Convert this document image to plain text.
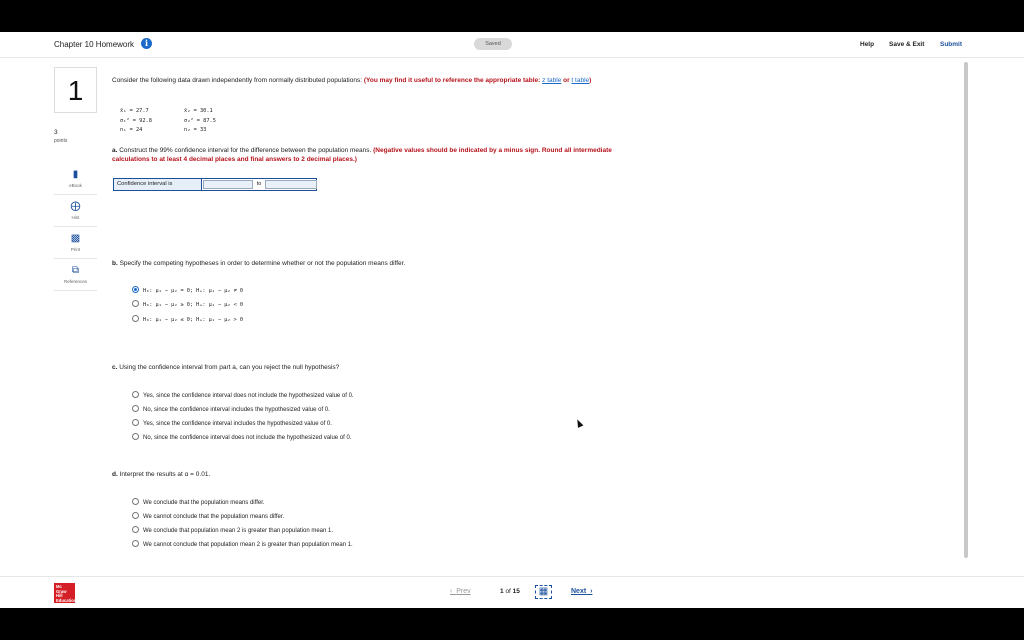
Chapter 10 Homework	i	Saved	Help Save & Exit Submit
1
3
points
▮
eBook
⨁
Hint
▩
Print
⧉
References
Consider the following data drawn independently from normally distributed populations: (You may find it useful to reference the appropriate table: z table or t table)
x̄₁ = 27.7
σ₁² = 92.8
n₁ = 24
x̄₂ = 30.1
σ₂² = 87.5
n₂ = 33
a. Construct the 99% confidence interval for the difference between the population means. (Negative values should be indicated by a minus sign. Round all intermediate calculations to at least 4 decimal places and final answers to 2 decimal places.)
Confidence interval is	to
b. Specify the competing hypotheses in order to determine whether or not the population means differ.
H₀: μ₁ − μ₂ = 0; Hₐ: μ₁ − μ₂ ≠ 0
H₀: μ₁ − μ₂ ≥ 0; Hₐ: μ₁ − μ₂ < 0
H₀: μ₁ − μ₂ ≤ 0; Hₐ: μ₁ − μ₂ > 0
c. Using the confidence interval from part a, can you reject the null hypothesis?
Yes, since the confidence interval does not include the hypothesized value of 0.
No, since the confidence interval includes the hypothesized value of 0.
Yes, since the confidence interval includes the hypothesized value of 0.
No, since the confidence interval does not include the hypothesized value of 0.
d. Interpret the results at α = 0.01.
We conclude that the population means differ.
We cannot conclude that the population means differ.
We conclude that population mean 2 is greater than population mean 1.
We cannot conclude that population mean 2 is greater than population mean 1.
Mc Graw Hill Education
‹  Prev	1 of 15	▦	Next  ›
